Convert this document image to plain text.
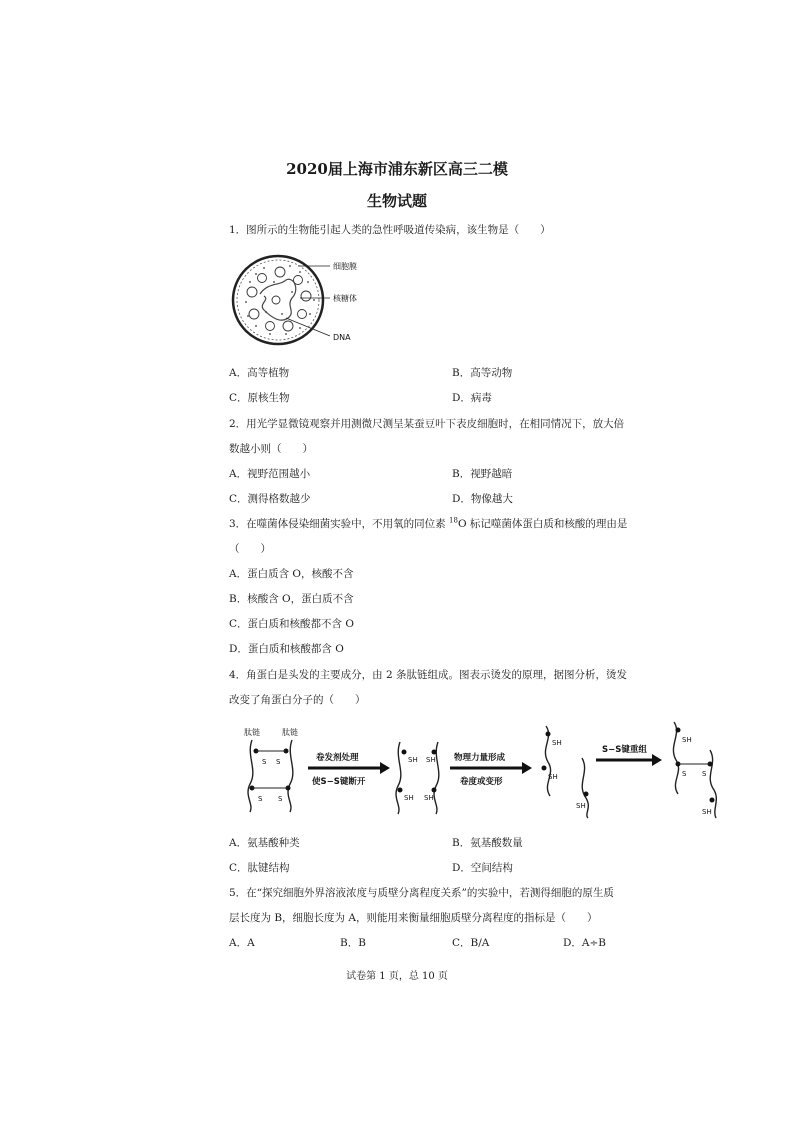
2020届上海市浦东新区高三二模
生物试题
1．图所示的生物能引起人类的急性呼吸道传染病，该生物是（　　）
细胞膜
核糖体
DNA
A．高等植物	B．高等动物
C．原核生物	D．病毒
2．用光学显微镜观察并用测微尺测呈某蚕豆叶下表皮细胞时，在相同情况下，放大倍
数越小则（　　）
A．视野范围越小	B．视野越暗
C．测得格数越少	D．物像越大
3．在噬菌体侵染细菌实验中，不用氧的同位素 $^{18}$O 标记噬菌体蛋白质和核酸的理由是
（　　）
A．蛋白质含 O，核酸不含
B．核酸含 O，蛋白质不含
C．蛋白质和核酸都不含 O
D．蛋白质和核酸都含 O
4．角蛋白是头发的主要成分，由 2 条肽链组成。图表示烫发的原理，据图分析，烫发
改变了角蛋白分子的（　　）
肽链	肽链
S S
S S
卷发剂处理
使S−S键断开
SH SH
SH SH
物理力量形成
卷度或变形
SH
SH
SH
S−S键重组
SH
S S
SH
A．氨基酸种类	B．氨基酸数量
C．肽键结构	D．空间结构
5．在“探究细胞外界溶液浓度与质壁分离程度关系”的实验中，若测得细胞的原生质
层长度为 B，细胞长度为 A，则能用来衡量细胞质壁分离程度的指标是（　　）
A．A	B．B	C．B/A	D．A÷B
试卷第 1 页，总 10 页
